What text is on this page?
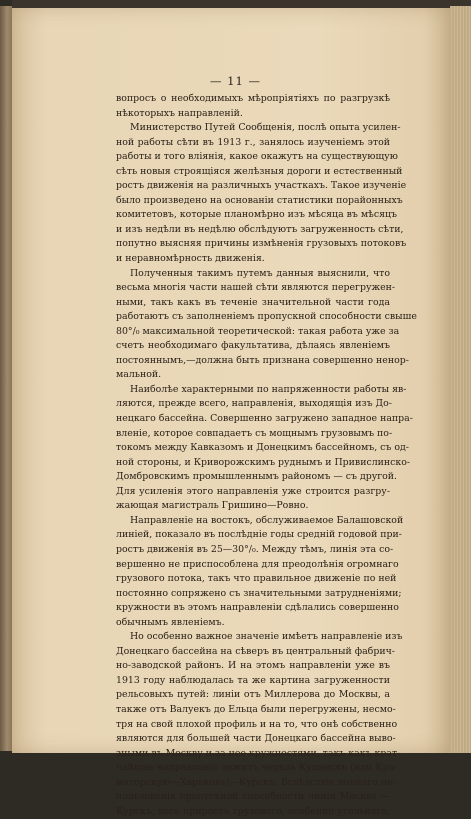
— 11 —
вопросъ о необходимыхъ мѣропріятіяхъ по разгрузкѣ
нѣкоторыхъ направленій.
Министерство Путей Сообщенія, послѣ опыта усилен-
ной работы сѣти въ 1913 г., занялось изученіемъ этой
работы и того вліянія, какое окажутъ на существующую
сѣть новыя строящіяся желѣзныя дороги и естественный
ростъ движенія на различныхъ участкахъ. Такое изученіе
было произведено на основаніи статистики порайонныхъ
комитетовъ, которые планомѣрно изъ мѣсяца въ мѣсяцъ
и изъ недѣли въ недѣлю обслѣдуютъ загруженность сѣти,
попутно выясняя причины измѣненія грузовыхъ потоковъ
и неравномѣрность движенія.
Полученныя такимъ путемъ данныя выяснили, что
весьма многія части нашей сѣти являются перегружен-
ными, такъ какъ въ теченіе значительной части года
работаютъ съ заполненіемъ пропускной способности свыше
80°/₀ максимальной теоретической: такая работа уже за
счетъ необходимаго факультатива, дѣлаясь явленіемъ
постояннымъ,—должна быть признана совершенно ненор-
мальной.
Наиболѣе характерными по напряженности работы яв-
ляются, прежде всего, направленія, выходящія изъ До-
нецкаго бассейна. Совершенно загружено западное напра-
вленіе, которое совпадаетъ съ мощнымъ грузовымъ по-
токомъ между Кавказомъ и Донецкимъ бассейномъ, съ од-
ной стороны, и Криворожскимъ руднымъ и Привислинско-
Домбровскимъ промышленнымъ райономъ — съ другой.
Для усиленія этого направленія уже строится разгру-
жающая магистраль Гришино—Ровно.
Направленіе на востокъ, обслуживаемое Балашовской
линіей, показало въ послѣдніе годы средній годовой при-
ростъ движенія въ 25—30°/₀. Между тѣмъ, линія эта со-
вершенно не приспособлена для преодолѣнія огромнаго
грузового потока, такъ что правильное движеніе по ней
постоянно сопряжено съ значительными затрудненіями;
кружности въ этомъ направленіи сдѣлались совершенно
обычнымъ явленіемъ.
Но особенно важное значеніе имѣетъ направленіе изъ
Донецкаго бассейна на сѣверъ въ центральный фабрич-
но-заводской районъ. И на этомъ направленіи уже въ
1913 году наблюдалась та же картина загруженности
рельсовыхъ путей: линіи отъ Миллерова до Москвы, а
также отъ Валуекъ до Ельца были перегружены, несмо-
тря на свой плохой профиль и на то, что онѣ собственно
являются для большей части Донецкаго бассейна выво-
зными въ Москву и за нее кружностями, такъ какъ крат-
чайшее направленіе лежитъ черезъ Купянскъ (или Кра-
маторскую—Харьковъ)—Курскъ. Вслѣдствіе полнаго не-
пользованія пропускной способности линіи Москва —
Курскъ, весь приростъ грузового, особенно угольнаго,
